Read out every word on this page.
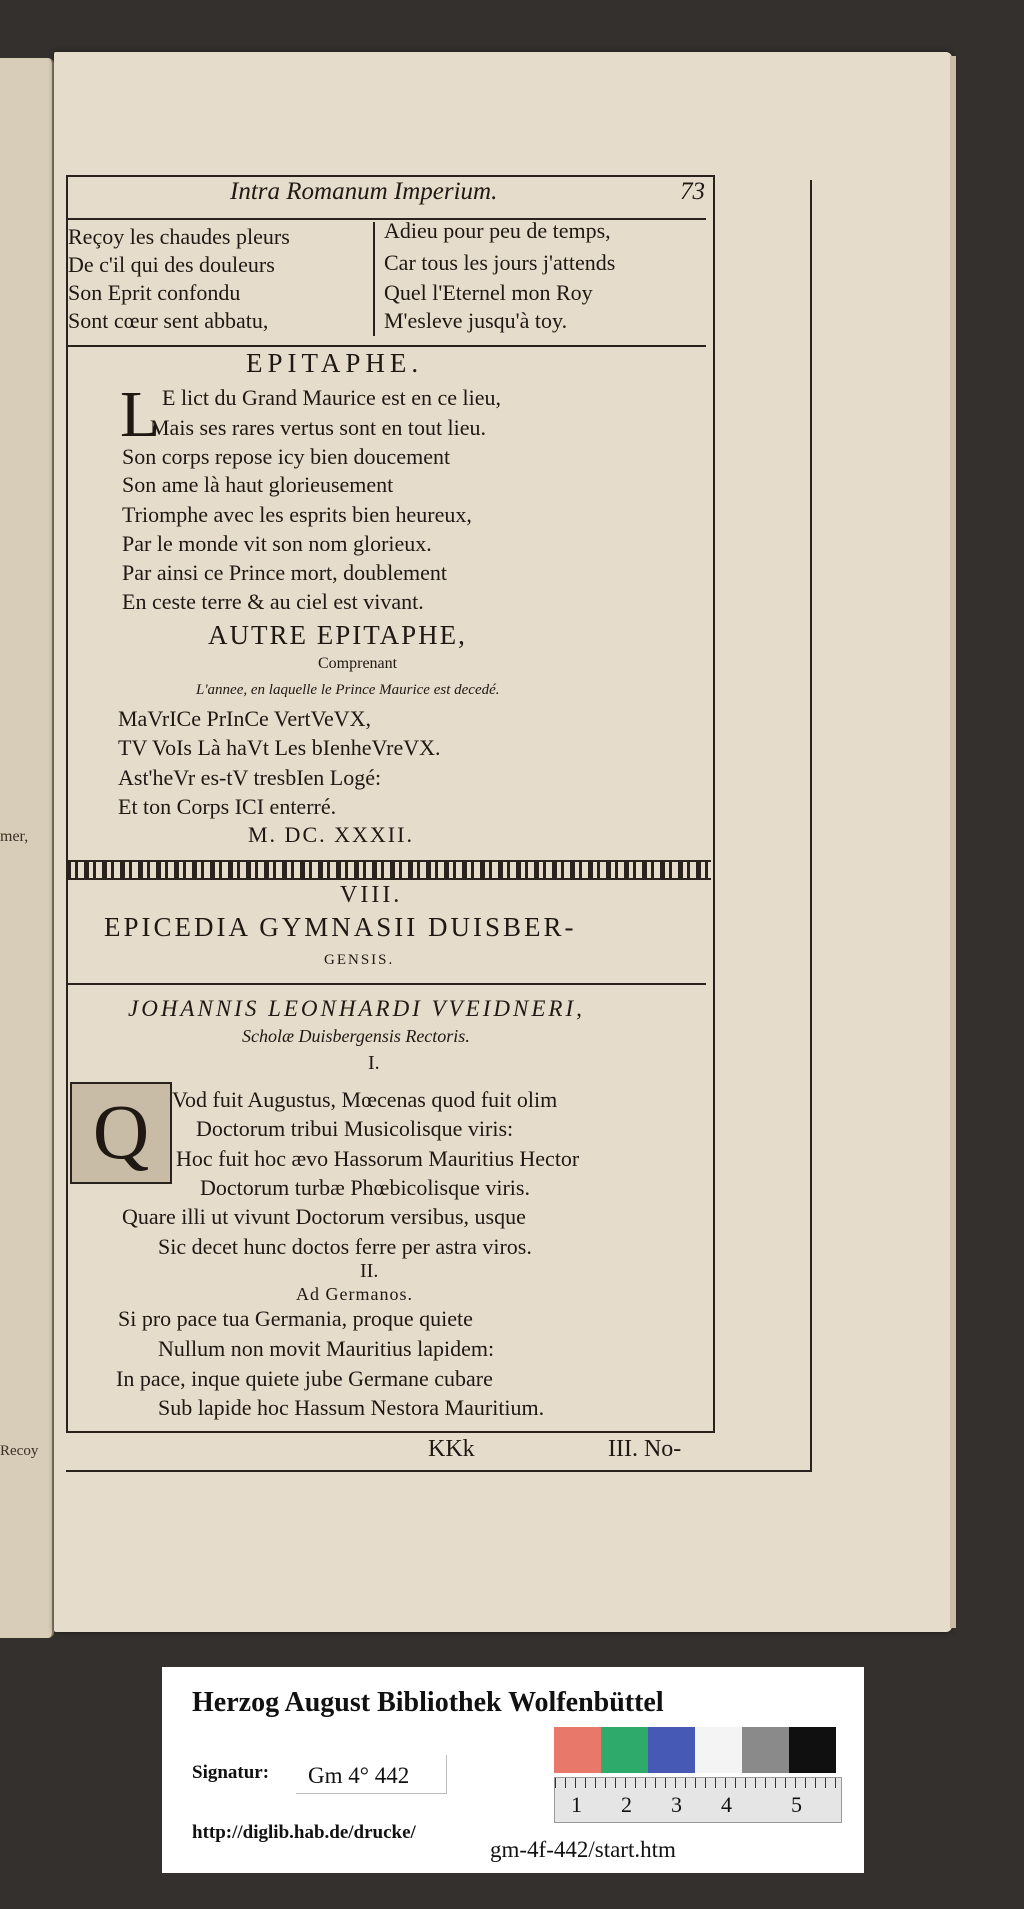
mer,
Recoy
Intra Romanum Imperium.	73
Reçoy les chaudes pleurs
De c'il qui des douleurs
Son Eprit confondu
Sont cœur sent abbatu,
Adieu pour peu de temps,
Car tous les jours j'attends
Quel l'Eternel mon Roy
M'esleve jusqu'à toy.
EPITAPHE.
L E lict du Grand Maurice est en ce lieu,
Mais ses rares vertus sont en tout lieu.
Son corps repose icy bien doucement
Son ame là haut glorieusement
Triomphe avec les esprits bien heureux,
Par le monde vit son nom glorieux.
Par ainsi ce Prince mort, doublement
En ceste terre & au ciel est vivant.
AUTRE EPITAPHE,
Comprenant
L'annee, en laquelle le Prince Maurice est decedé.
MaVrICe PrInCe VertVeVX,
TV VoIs Là haVt Les bIenheVreVX.
Ast'heVr es-tV tresbIen Logé:
Et ton Corps ICI enterré.
M. DC. XXXII.
VIII.
EPICEDIA GYMNASII DUISBER-
GENSIS.
JOHANNIS LEONHARDI VVEIDNERI,
Scholæ Duisbergensis Rectoris.
I.
Q	Vod fuit Augustus, Mœcenas quod fuit olim
Doctorum tribui Musicolisque viris:
Hoc fuit hoc ævo Hassorum Mauritius Hector
Doctorum turbæ Phœbicolisque viris.
Quare illi ut vivunt Doctorum versibus, usque
Sic decet hunc doctos ferre per astra viros.
II.
Ad Germanos.
Si pro pace tua Germania, proque quiete
Nullum non movit Mauritius lapidem:
In pace, inque quiete jube Germane cubare
Sub lapide hoc Hassum Nestora Mauritium.
KKk	III. No-
Herzog August Bibliothek Wolfenbüttel
Signatur: Gm 4° 442
http://diglib.hab.de/drucke/
gm-4f-442/start.htm
1 2 3 4	5
